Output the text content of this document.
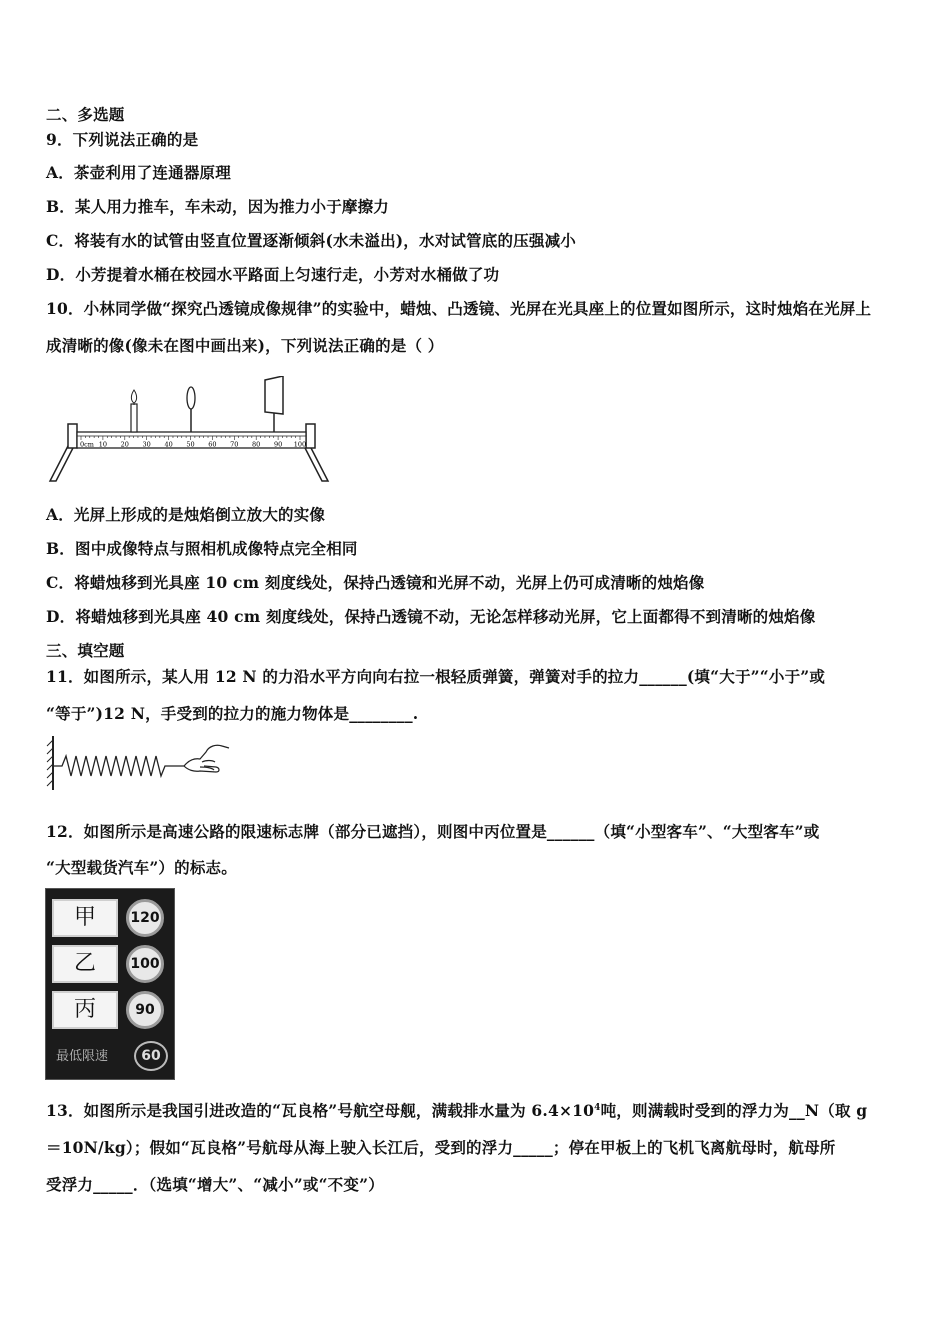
二、多选题
9．下列说法正确的是
A．茶壶利用了连通器原理
B．某人用力推车，车未动，因为推力小于摩擦力
C．将装有水的试管由竖直位置逐渐倾斜(水未溢出)，水对试管底的压强减小
D．小芳提着水桶在校园水平路面上匀速行走，小芳对水桶做了功
10．小林同学做“探究凸透镜成像规律”的实验中，蜡烛、凸透镜、光屏在光具座上的位置如图所示，这时烛焰在光屏上
成清晰的像(像未在图中画出来)，下列说法正确的是（ ）
0cm 10 20 30 40 50 60 70 80 90 100
A．光屏上形成的是烛焰倒立放大的实像
B．图中成像特点与照相机成像特点完全相同
C．将蜡烛移到光具座 10 cm 刻度线处，保持凸透镜和光屏不动，光屏上仍可成清晰的烛焰像
D．将蜡烛移到光具座 40 cm 刻度线处，保持凸透镜不动，无论怎样移动光屏，它上面都得不到清晰的烛焰像
三、填空题
11．如图所示，某人用 12 N 的力沿水平方向向右拉一根轻质弹簧，弹簧对手的拉力______(填“大于”“小于”或
“等于”)12 N，手受到的拉力的施力物体是________.
12．如图所示是高速公路的限速标志牌（部分已遮挡），则图中丙位置是______（填“小型客车”、“大型客车”或
“大型载货汽车”）的标志。
甲	120
乙	100
丙	90
最低限速	60
13．如图所示是我国引进改造的“瓦良格”号航空母舰，满载排水量为 $6.4\times 10^4$吨，则满载时受到的浮力为__N（取 g
＝10N/kg）；假如“瓦良格”号航母从海上驶入长江后，受到的浮力_____；停在甲板上的飞机飞离航母时，航母所
受浮力_____．（选填“增大”、“减小”或“不变”）
